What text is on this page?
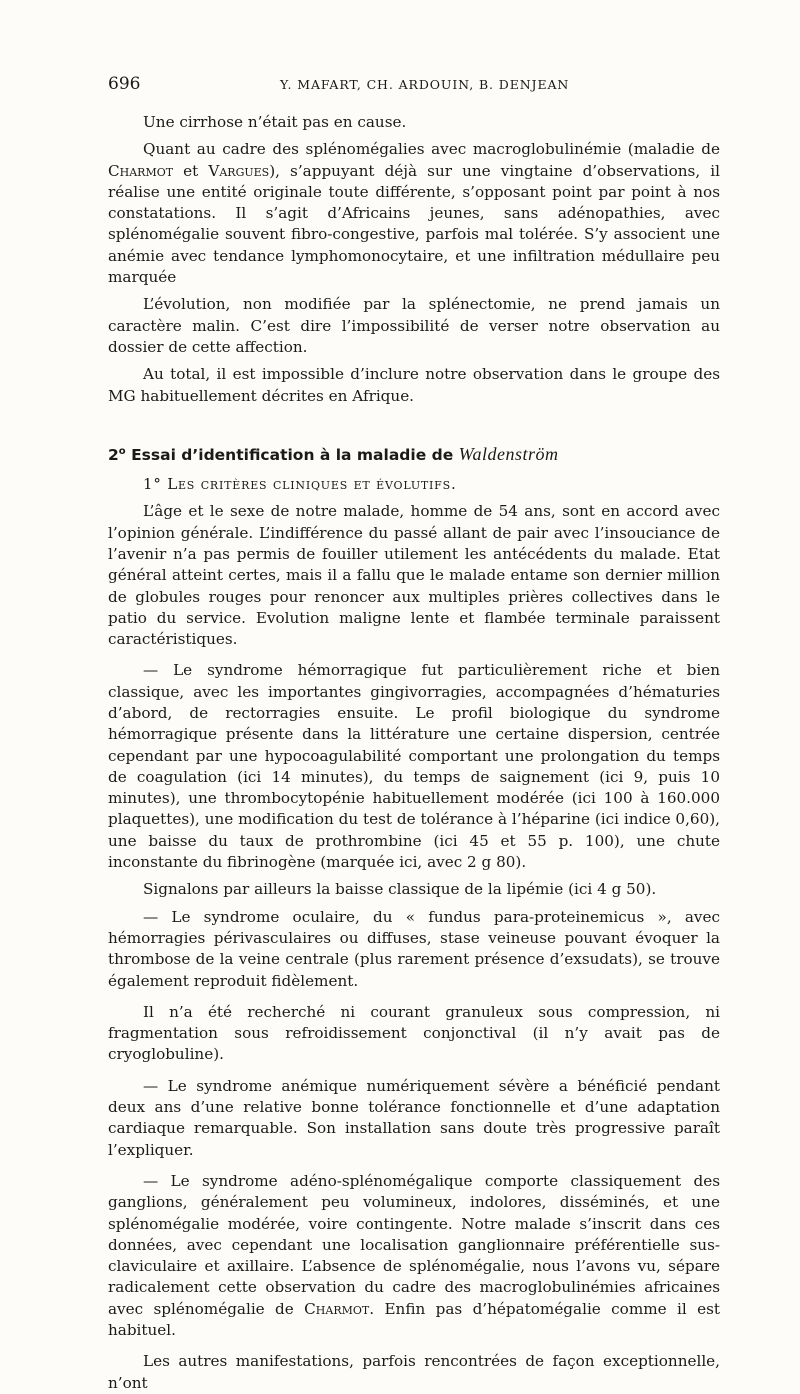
696	Y. MAFART, CH. ARDOUIN, B. DENJEAN

Une cirrhose n’était pas en cause.

Quant au cadre des splénomégalies avec macroglobulinémie (maladie de Charmot et Vargues), s’appuyant déjà sur une vingtaine d’observations, il réalise une entité originale toute différente, s’opposant point par point à nos constatations. Il s’agit d’Africains jeunes, sans adénopathies, avec splénomégalie souvent fibro-congestive, parfois mal tolérée. S’y associent une anémie avec tendance lymphomonocytaire, et une infiltration médullaire peu marquée

L’évolution, non modifiée par la splénectomie, ne prend jamais un caractère malin. C’est dire l’impossibilité de verser notre observation au dossier de cette affection.

Au total, il est impossible d’inclure notre observation dans le groupe des MG habituellement décrites en Afrique.

2$^o$ Essai d’identification à la maladie de Waldenström
1° Les critères cliniques et évolutifs.

L’âge et le sexe de notre malade, homme de 54 ans, sont en accord avec l’opinion générale. L’indifférence du passé allant de pair avec l’insouciance de l’avenir n’a pas permis de fouiller utilement les antécédents du malade. Etat général atteint certes, mais il a fallu que le malade entame son dernier million de globules rouges pour renoncer aux multiples prières collectives dans le patio du service. Evolution maligne lente et flambée terminale paraissent caractéristiques.

— Le syndrome hémorragique fut particulièrement riche et bien classique, avec les importantes gingivorragies, accompagnées d’hématuries d’abord, de rectorragies ensuite. Le profil biologique du syndrome hémorragique présente dans la littérature une certaine dispersion, centrée cependant par une hypocoagulabilité comportant une prolongation du temps de coagulation (ici 14 minutes), du temps de saignement (ici 9, puis 10 minutes), une thrombocytopénie habituellement modérée (ici 100 à 160.000 plaquettes), une modification du test de tolérance à l’héparine (ici indice 0,60), une baisse du taux de prothrombine (ici 45 et 55 p. 100), une chute inconstante du fibrinogène (marquée ici, avec 2 g 80).

Signalons par ailleurs la baisse classique de la lipémie (ici 4 g 50).

— Le syndrome oculaire, du « fundus para-proteinemicus », avec hémorragies périvasculaires ou diffuses, stase veineuse pouvant évoquer la thrombose de la veine centrale (plus rarement présence d’exsudats), se trouve également reproduit fidèlement.

Il n’a été recherché ni courant granuleux sous compression, ni fragmentation sous refroidissement conjonctival (il n’y avait pas de cryoglobuline).

— Le syndrome anémique numériquement sévère a bénéficié pendant deux ans d’une relative bonne tolérance fonctionnelle et d’une adaptation cardiaque remarquable. Son installation sans doute très progressive paraît l’expliquer.

— Le syndrome adéno-splénomégalique comporte classiquement des ganglions, généralement peu volumineux, indolores, disséminés, et une splénomégalie modérée, voire contingente. Notre malade s’inscrit dans ces données, avec cependant une localisation ganglionnaire préférentielle sus-claviculaire et axillaire. L’absence de splénomégalie, nous l’avons vu, sépare radicalement cette observation du cadre des macroglobulinémies africaines avec splénomégalie de Charmot. Enfin pas d’hépatomégalie comme il est habituel.

Les autres manifestations, parfois rencontrées de façon exceptionnelle, n’ont
